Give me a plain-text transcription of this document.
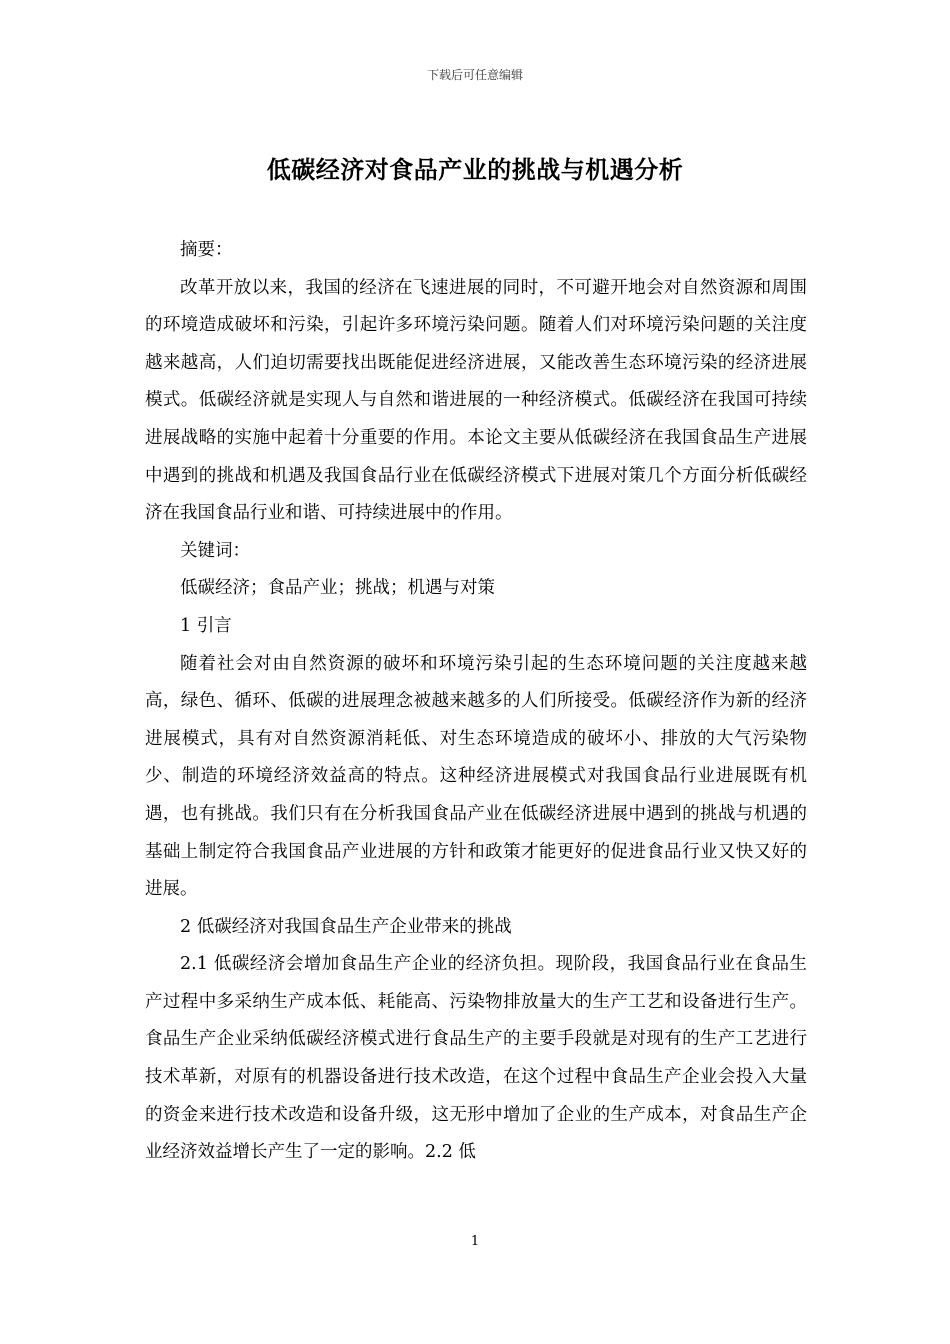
下载后可任意编辑
低碳经济对食品产业的挑战与机遇分析

摘要：

改革开放以来，我国的经济在飞速进展的同时，不可避开地会对自然资源和周围的环境造成破坏和污染，引起许多环境污染问题。随着人们对环境污染问题的关注度越来越高，人们迫切需要找出既能促进经济进展，又能改善生态环境污染的经济进展模式。低碳经济就是实现人与自然和谐进展的一种经济模式。低碳经济在我国可持续进展战略的实施中起着十分重要的作用。本论文主要从低碳经济在我国食品生产进展中遇到的挑战和机遇及我国食品行业在低碳经济模式下进展对策几个方面分析低碳经济在我国食品行业和谐、可持续进展中的作用。

关键词：

低碳经济；食品产业；挑战；机遇与对策

1 引言

随着社会对由自然资源的破坏和环境污染引起的生态环境问题的关注度越来越高，绿色、循环、低碳的进展理念被越来越多的人们所接受。低碳经济作为新的经济进展模式，具有对自然资源消耗低、对生态环境造成的破坏小、排放的大气污染物少、制造的环境经济效益高的特点。这种经济进展模式对我国食品行业进展既有机遇，也有挑战。我们只有在分析我国食品产业在低碳经济进展中遇到的挑战与机遇的基础上制定符合我国食品产业进展的方针和政策才能更好的促进食品行业又快又好的进展。

2 低碳经济对我国食品生产企业带来的挑战

2.1 低碳经济会增加食品生产企业的经济负担。现阶段，我国食品行业在食品生产过程中多采纳生产成本低、耗能高、污染物排放量大的生产工艺和设备进行生产。食品生产企业采纳低碳经济模式进行食品生产的主要手段就是对现有的生产工艺进行技术革新，对原有的机器设备进行技术改造，在这个过程中食品生产企业会投入大量的资金来进行技术改造和设备升级，这无形中增加了企业的生产成本，对食品生产企业经济效益增长产生了一定的影响。2.2 低

1
